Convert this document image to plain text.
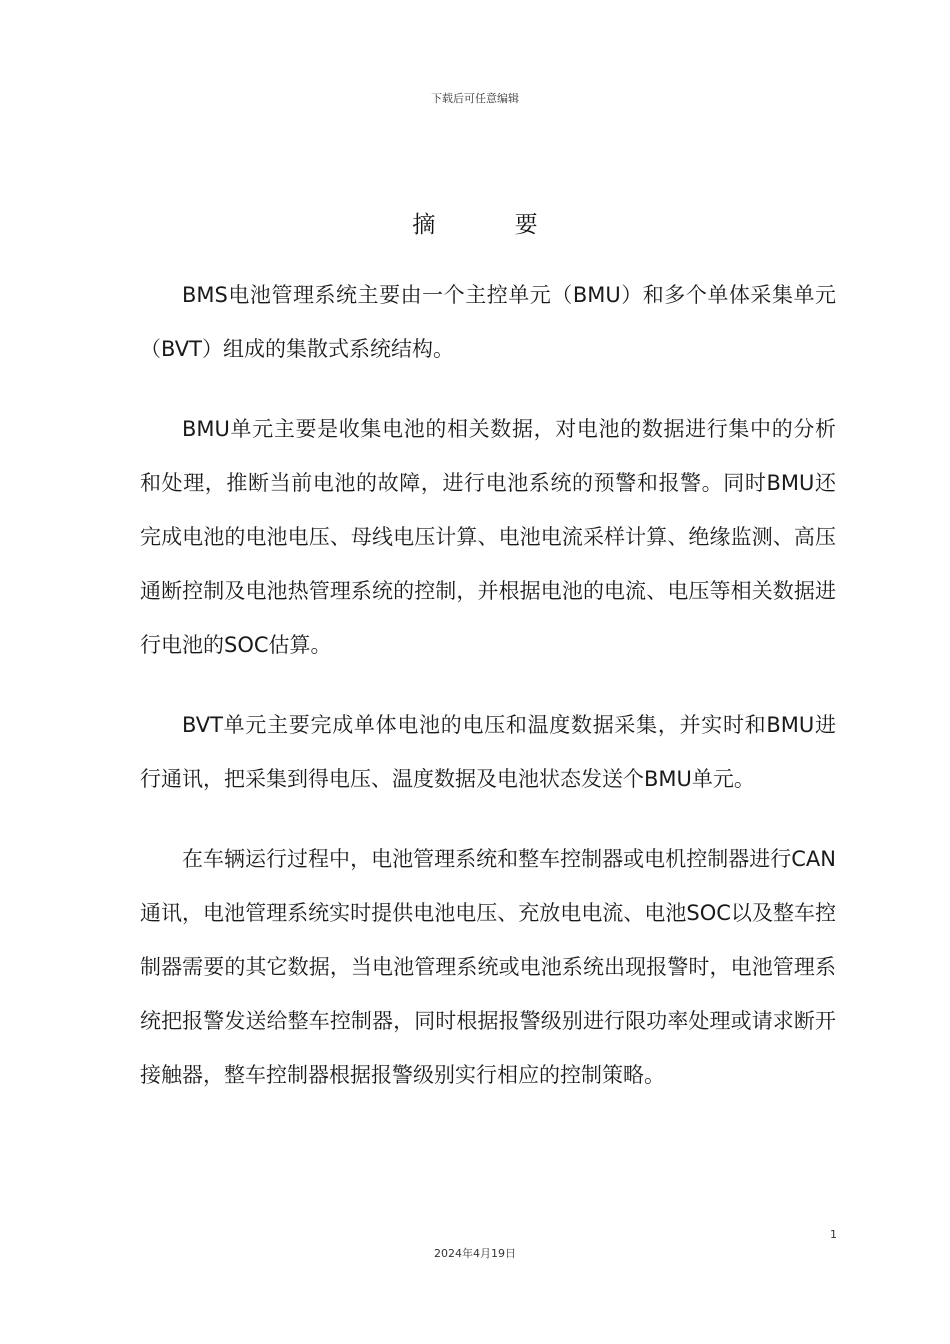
下载后可任意编辑
摘 要

BMS电池管理系统主要由一个主控单元（BMU）和多个单体采集单元（BVT）组成的集散式系统结构。

BMU单元主要是收集电池的相关数据，对电池的数据进行集中的分析和处理，推断当前电池的故障，进行电池系统的预警和报警。同时BMU还完成电池的电池电压、母线电压计算、电池电流采样计算、绝缘监测、高压通断控制及电池热管理系统的控制，并根据电池的电流、电压等相关数据进行电池的SOC估算。

BVT单元主要完成单体电池的电压和温度数据采集，并实时和BMU进行通讯，把采集到得电压、温度数据及电池状态发送个BMU单元。

在车辆运行过程中，电池管理系统和整车控制器或电机控制器进行CAN通讯，电池管理系统实时提供电池电压、充放电电流、电池SOC以及整车控制器需要的其它数据，当电池管理系统或电池系统出现报警时，电池管理系统把报警发送给整车控制器，同时根据报警级别进行限功率处理或请求断开接触器，整车控制器根据报警级别实行相应的控制策略。

1
2024年4月19日
